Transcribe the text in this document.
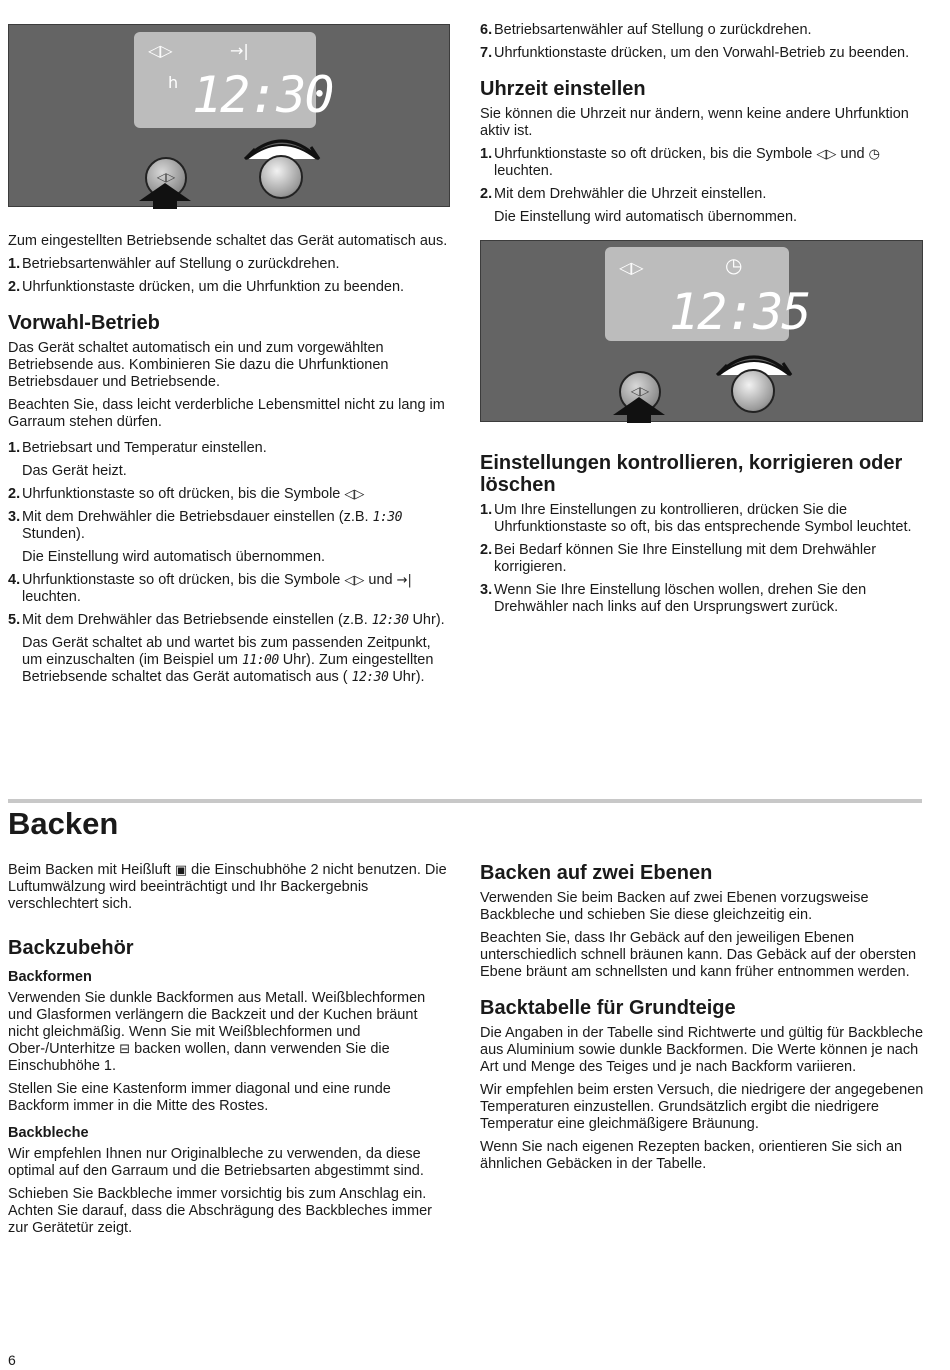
◁▷	→|
h 12:30
◁▷

Zum eingestellten Betriebsende schaltet das Gerät automatisch aus.

1. Betriebsartenwähler auf Stellung o zurückdrehen.
2. Uhrfunktionstaste drücken, um die Uhrfunktion zu beenden.
Vorwahl-Betrieb

Das Gerät schaltet automatisch ein und zum vorgewählten Betriebsende aus. Kombinieren Sie dazu die Uhrfunktionen Betriebsdauer und Betriebsende.

Beachten Sie, dass leicht verderbliche Lebensmittel nicht zu lang im Garraum stehen dürfen.

1. Betriebsart und Temperatur einstellen.
Das Gerät heizt.
2. Uhrfunktionstaste so oft drücken, bis die Symbole ◁▷
3. Mit dem Drehwähler die Betriebsdauer einstellen (z.B. 1:30 Stunden).
Die Einstellung wird automatisch übernommen.
4. Uhrfunktionstaste so oft drücken, bis die Symbole ◁▷ und →| leuchten.
5. Mit dem Drehwähler das Betriebsende einstellen (z.B. 12:30 Uhr).
Das Gerät schaltet ab und wartet bis zum passenden Zeitpunkt, um einzuschalten (im Beispiel um 11:00 Uhr). Zum eingestellten Betriebsende schaltet das Gerät automatisch aus ( 12:30 Uhr).
6. Betriebsartenwähler auf Stellung o zurückdrehen.
7. Uhrfunktionstaste drücken, um den Vorwahl-Betrieb zu beenden.
Uhrzeit einstellen

Sie können die Uhrzeit nur ändern, wenn keine andere Uhrfunktion aktiv ist.

1. Uhrfunktionstaste so oft drücken, bis die Symbole ◁▷ und ◷ leuchten.
2. Mit dem Drehwähler die Uhrzeit einstellen.
Die Einstellung wird automatisch übernommen.
◁▷	◷
12:35
◁▷
Einstellungen kontrollieren, korrigieren oder löschen
1. Um Ihre Einstellungen zu kontrollieren, drücken Sie die Uhrfunktionstaste so oft, bis das entsprechende Symbol leuchtet.
2. Bei Bedarf können Sie Ihre Einstellung mit dem Drehwähler korrigieren.
3. Wenn Sie Ihre Einstellung löschen wollen, drehen Sie den Drehwähler nach links auf den Ursprungswert zurück.
Backen

Beim Backen mit Heißluft ▣ die Einschubhöhe 2 nicht benutzen. Die Luftumwälzung wird beeinträchtigt und Ihr Backergebnis verschlechtert sich.

Backzubehör
Backformen

Verwenden Sie dunkle Backformen aus Metall. Weißblechformen und Glasformen verlängern die Backzeit und der Kuchen bräunt nicht gleichmäßig. Wenn Sie mit Weißblechformen und Ober-/Unterhitze ⊟ backen wollen, dann verwenden Sie die Einschubhöhe 1.

Stellen Sie eine Kastenform immer diagonal und eine runde Backform immer in die Mitte des Rostes.

Backbleche

Wir empfehlen Ihnen nur Originalbleche zu verwenden, da diese optimal auf den Garraum und die Betriebsarten abgestimmt sind.

Schieben Sie Backbleche immer vorsichtig bis zum Anschlag ein. Achten Sie darauf, dass die Abschrägung des Backbleches immer zur Gerätetür zeigt.

Backen auf zwei Ebenen

Verwenden Sie beim Backen auf zwei Ebenen vorzugsweise Backbleche und schieben Sie diese gleichzeitig ein.

Beachten Sie, dass Ihr Gebäck auf den jeweiligen Ebenen unterschiedlich schnell bräunen kann. Das Gebäck auf der obersten Ebene bräunt am schnellsten und kann früher entnommen werden.

Backtabelle für Grundteige

Die Angaben in der Tabelle sind Richtwerte und gültig für Backbleche aus Aluminium sowie dunkle Backformen. Die Werte können je nach Art und Menge des Teiges und je nach Backform variieren.

Wir empfehlen beim ersten Versuch, die niedrigere der angegebenen Temperaturen einzustellen. Grundsätzlich ergibt die niedrigere Temperatur eine gleichmäßigere Bräunung.

Wenn Sie nach eigenen Rezepten backen, orientieren Sie sich an ähnlichen Gebäcken in der Tabelle.

6
